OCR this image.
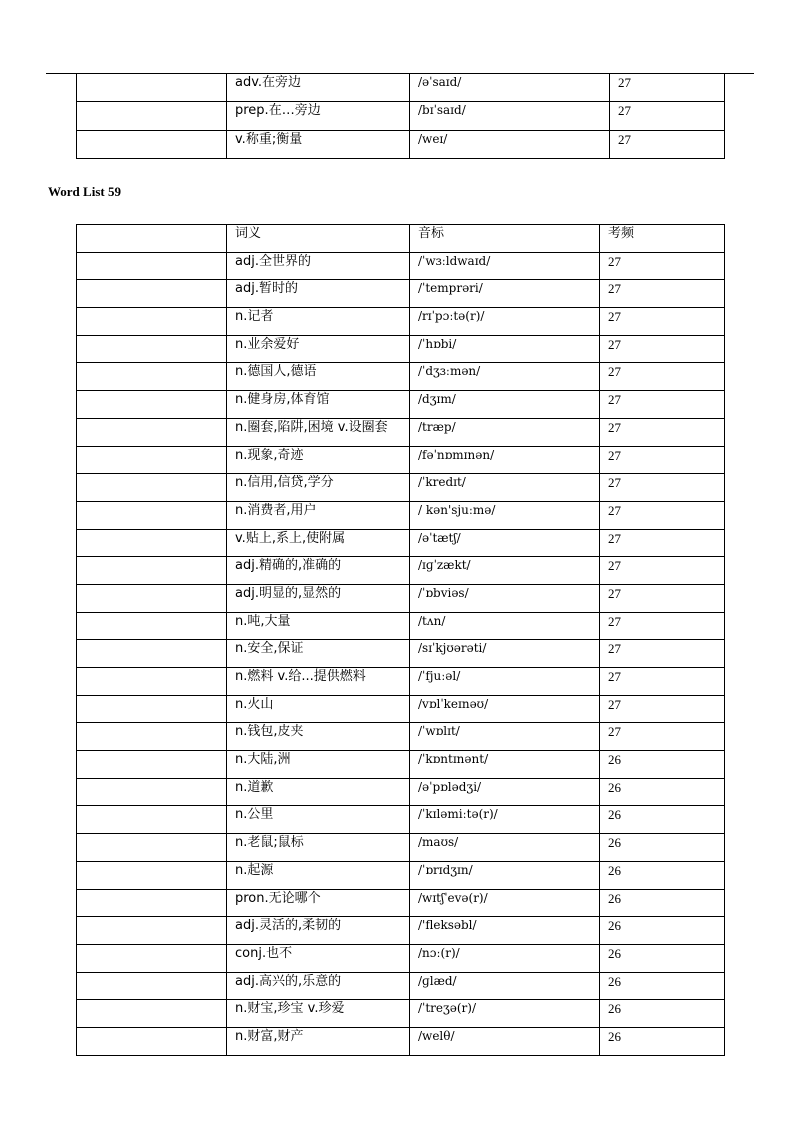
	adv.在旁边	/əˈsaɪd/	27
	prep.在…旁边	/bɪˈsaɪd/	27
	v.称重;衡量	/weɪ/	27
Word List 59
	词义	音标	考频
	adj.全世界的	/ˈwɜːldwaɪd/	27
	adj.暂时的	/ˈtemprəri/	27
	n.记者	/rɪˈpɔːtə(r)/	27
	n.业余爱好	/ˈhɒbi/	27
	n.德国人,德语	/ˈdʒɜːmən/	27
	n.健身房,体育馆	/dʒɪm/	27
	n.圈套,陷阱,困境 v.设圈套	/træp/	27
	n.现象,奇迹	/fəˈnɒmɪnən/	27
	n.信用,信贷,学分	/ˈkredɪt/	27
	n.消费者,用户	/ kən'sjuːmə/	27
	v.贴上,系上,使附属	/əˈtætʃ/	27
	adj.精确的,准确的	/ɪɡˈzækt/	27
	adj.明显的,显然的	/ˈɒbviəs/	27
	n.吨,大量	/tʌn/	27
	n.安全,保证	/sɪˈkjʊərəti/	27
	n.燃料 v.给...提供燃料	/ˈfjuːəl/	27
	n.火山	/vɒlˈkeɪnəʊ/	27
	n.钱包,皮夹	/ˈwɒlɪt/	27
	n.大陆,洲	/ˈkɒntɪnənt/	26
	n.道歉	/əˈpɒlədʒi/	26
	n.公里	/ˈkɪləmiːtə(r)/	26
	n.老鼠;鼠标	/maʊs/	26
	n.起源	/ˈɒrɪdʒɪn/	26
	pron.无论哪个	/wɪtʃˈevə(r)/	26
	adj.灵活的,柔韧的	/'fleksəbl/	26
	conj.也不	/nɔː(r)/	26
	adj.高兴的,乐意的	/ɡlæd/	26
	n.财宝,珍宝 v.珍爱	/ˈtreʒə(r)/	26
	n.财富,财产	/welθ/	26
